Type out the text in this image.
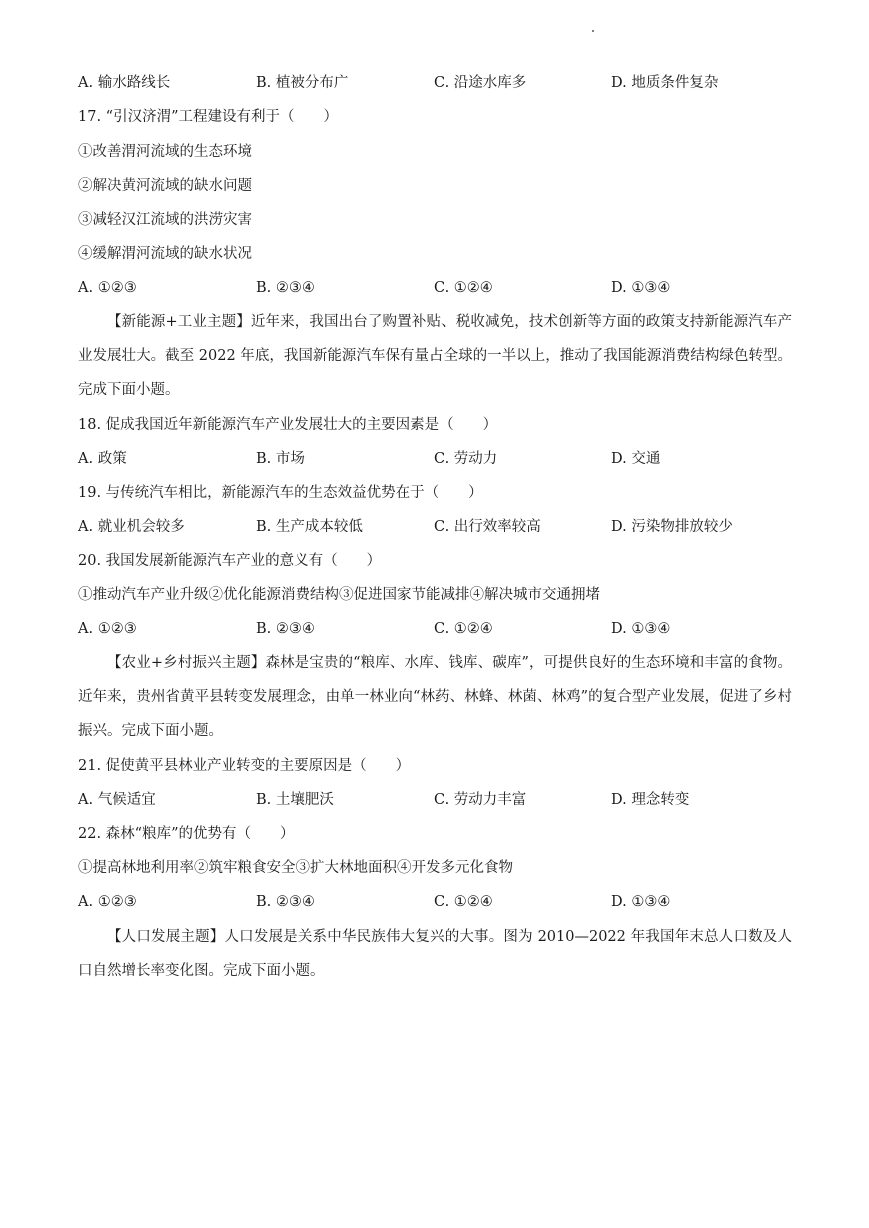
A. 输水路线长	B. 植被分布广	C. 沿途水库多	D. 地质条件复杂
17. “引汉济渭”工程建设有利于（　　）
①改善渭河流域的生态环境
②解决黄河流域的缺水问题
③减轻汉江流域的洪涝灾害
④缓解渭河流域的缺水状况
A. ①②③	B. ②③④	C. ①②④	D. ①③④
【新能源+工业主题】近年来，我国出台了购置补贴、税收减免，技术创新等方面的政策支持新能源汽车产业发展壮大。截至 2022 年底，我国新能源汽车保有量占全球的一半以上，推动了我国能源消费结构绿色转型。完成下面小题。
18. 促成我国近年新能源汽车产业发展壮大的主要因素是（　　）
A. 政策	B. 市场	C. 劳动力	D. 交通
19. 与传统汽车相比，新能源汽车的生态效益优势在于（　　）
A. 就业机会较多	B. 生产成本较低	C. 出行效率较高	D. 污染物排放较少
20. 我国发展新能源汽车产业的意义有（　　）
①推动汽车产业升级②优化能源消费结构③促进国家节能减排④解决城市交通拥堵
A. ①②③	B. ②③④	C. ①②④	D. ①③④
【农业+乡村振兴主题】森林是宝贵的“粮库、水库、钱库、碳库”，可提供良好的生态环境和丰富的食物。近年来，贵州省黄平县转变发展理念，由单一林业向“林药、林蜂、林菌、林鸡”的复合型产业发展，促进了乡村振兴。完成下面小题。
21. 促使黄平县林业产业转变的主要原因是（　　）
A. 气候适宜	B. 土壤肥沃	C. 劳动力丰富	D. 理念转变
22. 森林“粮库”的优势有（　　）
①提高林地利用率②筑牢粮食安全③扩大林地面积④开发多元化食物
A. ①②③	B. ②③④	C. ①②④	D. ①③④
【人口发展主题】人口发展是关系中华民族伟大复兴的大事。图为 2010—2022 年我国年末总人口数及人口自然增长率变化图。完成下面小题。
